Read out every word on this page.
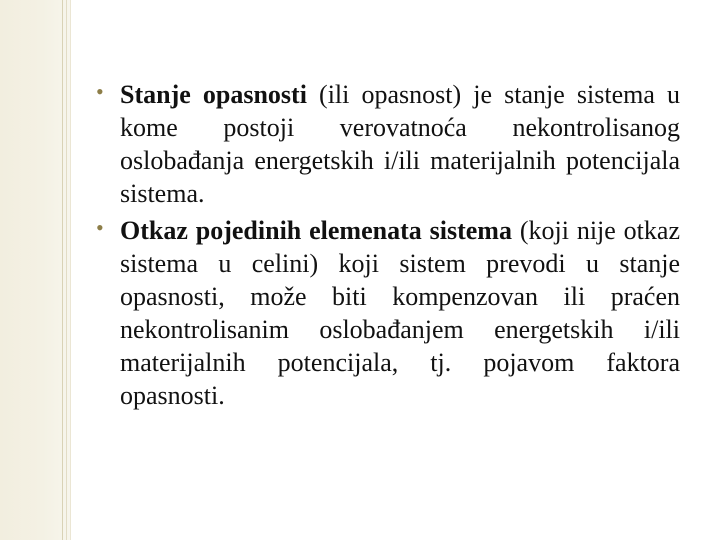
• Stanje opasnosti (ili opasnost) je stanje sistema u kome postoji verovatnoća nekontrolisanog oslobađanja energetskih i/ili materijalnih potencijala sistema.

• Otkaz pojedinih elemenata sistema (koji nije otkaz sistema u celini) koji sistem prevodi u stanje opasnosti, može biti kompenzovan ili praćen nekontrolisanim oslobađanjem energetskih i/ili materijalnih potencijala, tj. pojavom faktora opasnosti.
